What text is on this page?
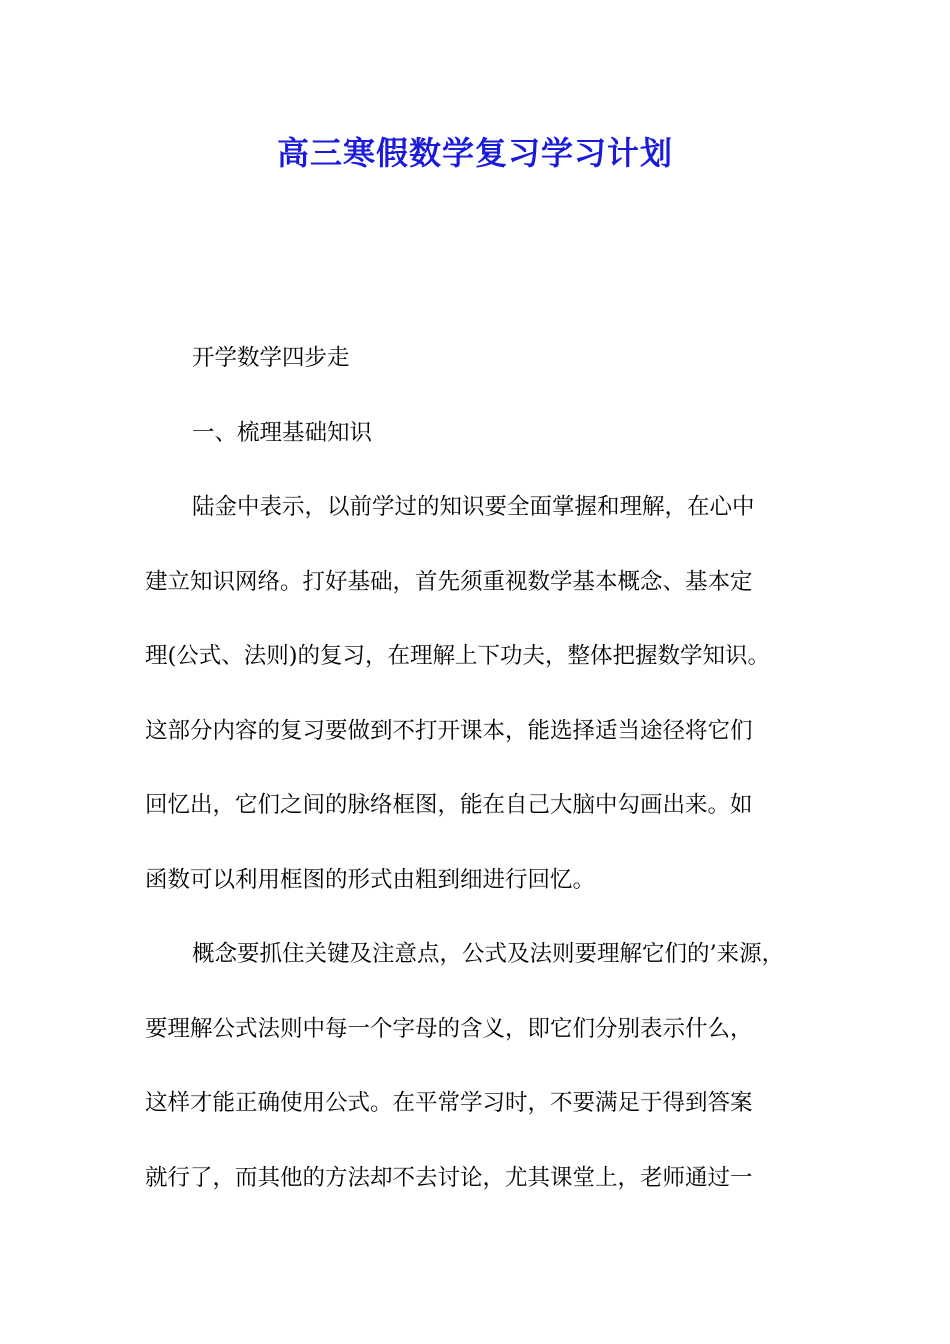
高三寒假数学复习学习计划
开学数学四步走
一、梳理基础知识
陆金中表示，以前学过的知识要全面掌握和理解，在心中
建立知识网络。打好基础，首先须重视数学基本概念、基本定
理(公式、法则)的复习，在理解上下功夫，整体把握数学知识。
这部分内容的复习要做到不打开课本，能选择适当途径将它们
回忆出，它们之间的脉络框图，能在自己大脑中勾画出来。如
函数可以利用框图的形式由粗到细进行回忆。
概念要抓住关键及注意点，公式及法则要理解它们的’来源，
要理解公式法则中每一个字母的含义，即它们分别表示什么，
这样才能正确使用公式。在平常学习时，不要满足于得到答案
就行了，而其他的方法却不去讨论，尤其课堂上，老师通过一
